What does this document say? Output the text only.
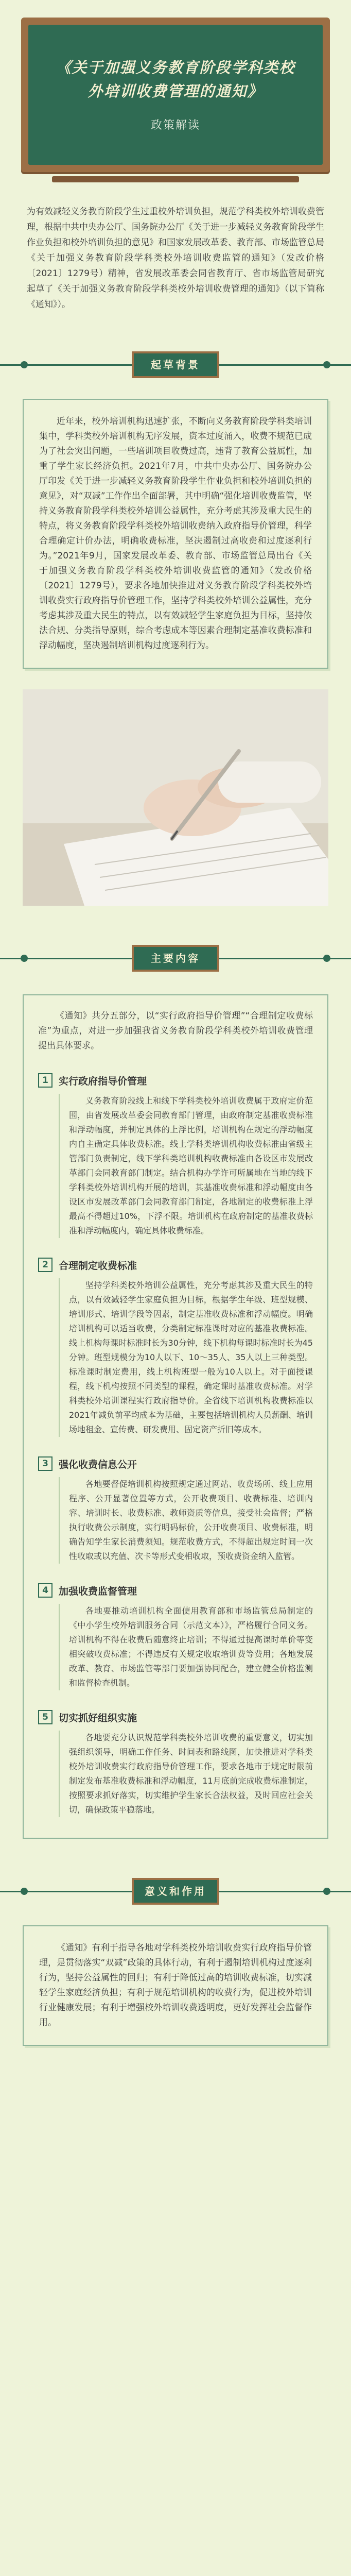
《关于加强义务教育阶段学科类校外培训收费管理的通知》
政策解读

为有效减轻义务教育阶段学生过重校外培训负担，规范学科类校外培训收费管理，根据中共中央办公厅、国务院办公厅《关于进一步减轻义务教育阶段学生作业负担和校外培训负担的意见》和国家发展改革委、教育部、市场监管总局《关于加强义务教育阶段学科类校外培训收费监管的通知》（发改价格〔2021〕1279号）精神，省发展改革委会同省教育厅、省市场监管局研究起草了《关于加强义务教育阶段学科类校外培训收费管理的通知》（以下简称《通知》）。

起草背景

近年来，校外培训机构迅速扩张，不断向义务教育阶段学科类培训集中，学科类校外培训机构无序发展，资本过度涌入，收费不规范已成为了社会突出问题，一些培训项目收费过高，违背了教育公益属性，加重了学生家长经济负担。2021年7月，中共中央办公厅、国务院办公厅印发《关于进一步减轻义务教育阶段学生作业负担和校外培训负担的意见》，对“双减”工作作出全面部署，其中明确“强化培训收费监管，坚持义务教育阶段学科类校外培训公益属性，充分考虑其涉及重大民生的特点，将义务教育阶段学科类校外培训收费纳入政府指导价管理，科学合理确定计价办法，明确收费标准，坚决遏制过高收费和过度逐利行为。”2021年9月，国家发展改革委、教育部、市场监管总局出台《关于加强义务教育阶段学科类校外培训收费监管的通知》（发改价格〔2021〕1279号），要求各地加快推进对义务教育阶段学科类校外培训收费实行政府指导价管理工作，坚持学科类校外培训公益属性，充分考虑其涉及重大民生的特点，以有效减轻学生家庭负担为目标，坚持依法合规、分类指导原则，综合考虑成本等因素合理制定基准收费标准和浮动幅度，坚决遏制培训机构过度逐利行为。

主要内容

《通知》共分五部分，以“实行政府指导价管理”“合理制定收费标准”为重点，对进一步加强我省义务教育阶段学科类校外培训收费管理提出具体要求。

1	实行政府指导价管理

义务教育阶段线上和线下学科类校外培训收费属于政府定价范围，由省发展改革委会同教育部门管理，由政府制定基准收费标准和浮动幅度，并制定具体的上浮比例，培训机构在规定的浮动幅度内自主确定具体收费标准。线上学科类培训机构收费标准由省级主管部门负责制定，线下学科类培训机构收费标准由各设区市发展改革部门会同教育部门制定。结合机构办学许可所属地在当地的线下学科类校外培训机构开展的培训，其基准收费标准和浮动幅度由各设区市发展改革部门会同教育部门制定，各地制定的收费标准上浮最高不得超过10%，下浮不限。培训机构在政府制定的基准收费标准和浮动幅度内，确定具体收费标准。

2	合理制定收费标准

坚持学科类校外培训公益属性，充分考虑其涉及重大民生的特点，以有效减轻学生家庭负担为目标，根据学生年级、班型规模、培训形式、培训学段等因素，制定基准收费标准和浮动幅度。明确培训机构可以适当收费，分类制定标准课时对应的基准收费标准。线上机构每课时标准时长为30分钟，线下机构每课时标准时长为45分钟。班型规模分为10人以下、10～35人、35人以上三种类型。标准课时制定费用，线上机构班型一般为10人以上。对于面授课程，线下机构按照不同类型的课程，确定课时基准收费标准。对学科类校外培训课程实行政府指导价。全省线下培训机构收费标准以2021年减负前平均成本为基础，主要包括培训机构人员薪酬、培训场地租金、宣传费、研发费用、固定资产折旧等成本。

3	强化收费信息公开

各地要督促培训机构按照规定通过网站、收费场所、线上应用程序、公开显著位置等方式，公开收费项目、收费标准、培训内容、培训时长、收费标准、教师资质等信息，接受社会监督；严格执行收费公示制度，实行明码标价，公开收费项目、收费标准，明确告知学生家长消费须知。规范收费方式，不得超出规定时间一次性收取或以充值、次卡等形式变相收取，预收费资金纳入监管。

4	加强收费监督管理

各地要推动培训机构全面使用教育部和市场监管总局制定的《中小学生校外培训服务合同（示范文本）》，严格履行合同义务。培训机构不得在收费后随意终止培训；不得通过提高课时单价等变相突破收费标准；不得违反有关规定收取培训费等费用；各地发展改革、教育、市场监管等部门要加强协同配合，建立健全价格监测和监督检查机制。

5	切实抓好组织实施

各地要充分认识规范学科类校外培训收费的重要意义，切实加强组织领导，明确工作任务、时间表和路线图，加快推进对学科类校外培训收费实行政府指导价管理工作，要求各地市于规定时限前制定发布基准收费标准和浮动幅度，11月底前完成收费标准制定，按照要求抓好落实，切实维护学生家长合法权益，及时回应社会关切，确保政策平稳落地。

意义和作用

《通知》有利于指导各地对学科类校外培训收费实行政府指导价管理，是贯彻落实“双减”政策的具体行动，有利于遏制培训机构过度逐利行为，坚持公益属性的回归；有利于降低过高的培训收费标准，切实减轻学生家庭经济负担；有利于规范培训机构的收费行为，促进校外培训行业健康发展；有利于增强校外培训收费透明度，更好发挥社会监督作用。
